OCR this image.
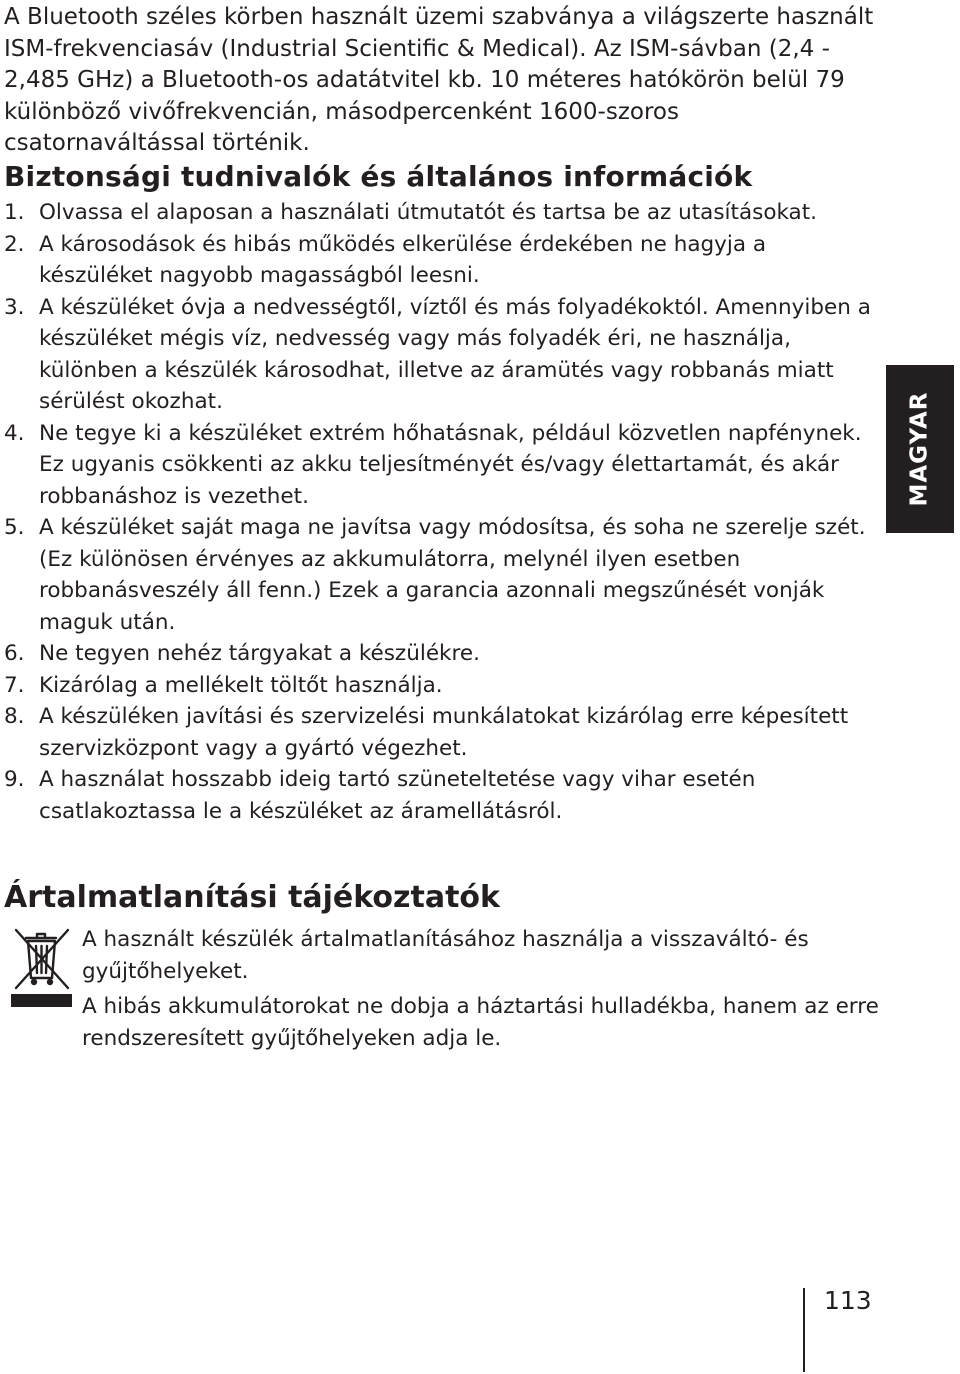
A Bluetooth széles körben használt üzemi szabványa a világszerte használt ISM-frekvenciasáv (Industrial Scientific & Medical). Az ISM-sávban (2,4 - 2,485 GHz) a Bluetooth-os adatátvitel kb. 10 méteres hatókörön belül 79 különböző vivőfrekvencián, másodpercenként 1600-szoros csatornaváltással történik.
Biztonsági tudnivalók és általános információk
1. Olvassa el alaposan a használati útmutatót és tartsa be az utasításokat.
2. A károsodások és hibás működés elkerülése érdekében ne hagyja a készüléket nagyobb magasságból leesni.
3. A készüléket óvja a nedvességtől, víztől és más folyadékoktól. Amennyiben a készüléket mégis víz, nedvesség vagy más folyadék éri, ne használja, különben a készülék károsodhat, illetve az áramütés vagy robbanás miatt sérülést okozhat.
4. Ne tegye ki a készüléket extrém hőhatásnak, például közvetlen napfénynek. Ez ugyanis csökkenti az akku teljesítményét és/vagy élettartamát, és akár robbanáshoz is vezethet.
5. A készüléket saját maga ne javítsa vagy módosítsa, és soha ne szerelje szét. (Ez különösen érvényes az akkumulátorra, melynél ilyen esetben robbanásveszély áll fenn.) Ezek a garancia azonnali megszűnését vonják maguk után.
6. Ne tegyen nehéz tárgyakat a készülékre.
7. Kizárólag a mellékelt töltőt használja.
8. A készüléken javítási és szervizelési munkálatokat kizárólag erre képesített szervizközpont vagy a gyártó végezhet.
9. A használat hosszabb ideig tartó szüneteltetése vagy vihar esetén csatlakoztassa le a készüléket az áramellátásról.
MAGYAR
Ártalmatlanítási tájékoztatók

A használt készülék ártalmatlanításához használja a visszaváltó- és gyűjtőhelyeket.

A hibás akkumulátorokat ne dobja a háztartási hulladékba, hanem az erre rendszeresített gyűjtőhelyeken adja le.

113
